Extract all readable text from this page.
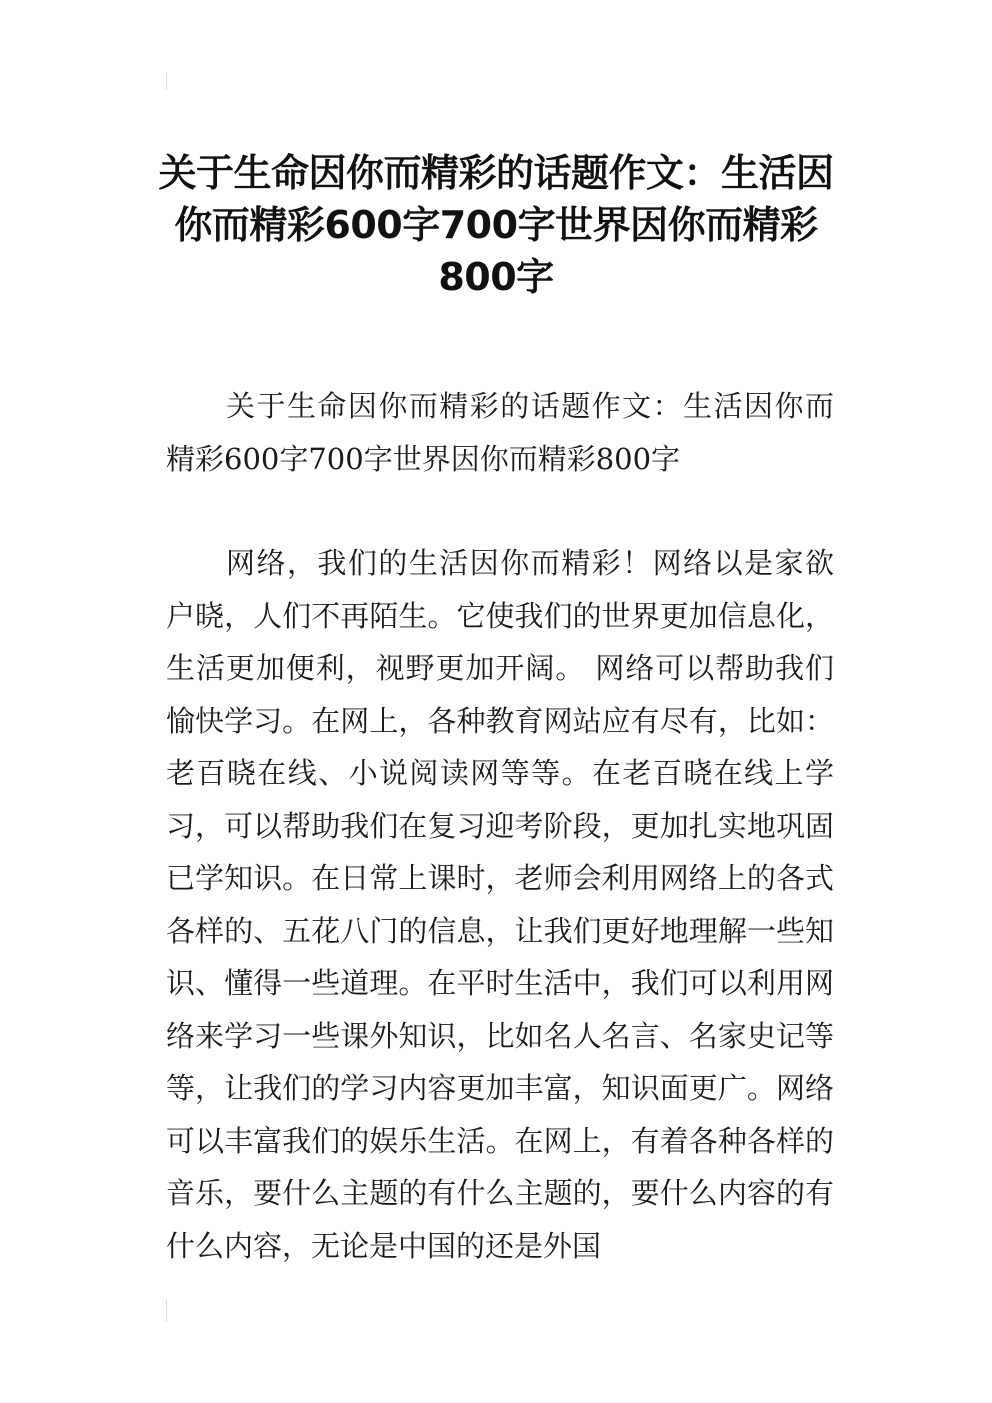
关于生命因你而精彩的话题作文：生活因你而精彩600字700字世界因你而精彩800字

关于生命因你而精彩的话题作文：生活因你而精彩600字700字世界因你而精彩800字

网络，我们的生活因你而精彩！网络以是家欲户晓，人们不再陌生。它使我们的世界更加信息化，生活更加便利，视野更加开阔。 网络可以帮助我们愉快学习。在网上，各种教育网站应有尽有，比如：老百晓在线、小说阅读网等等。在老百晓在线上学习，可以帮助我们在复习迎考阶段，更加扎实地巩固已学知识。在日常上课时，老师会利用网络上的各式各样的、五花八门的信息，让我们更好地理解一些知识、懂得一些道理。在平时生活中，我们可以利用网络来学习一些课外知识，比如名人名言、名家史记等等，让我们的学习内容更加丰富，知识面更广。网络可以丰富我们的娱乐生活。在网上，有着各种各样的音乐，要什么主题的有什么主题的，要什么内容的有什么内容，无论是中国的还是外国
